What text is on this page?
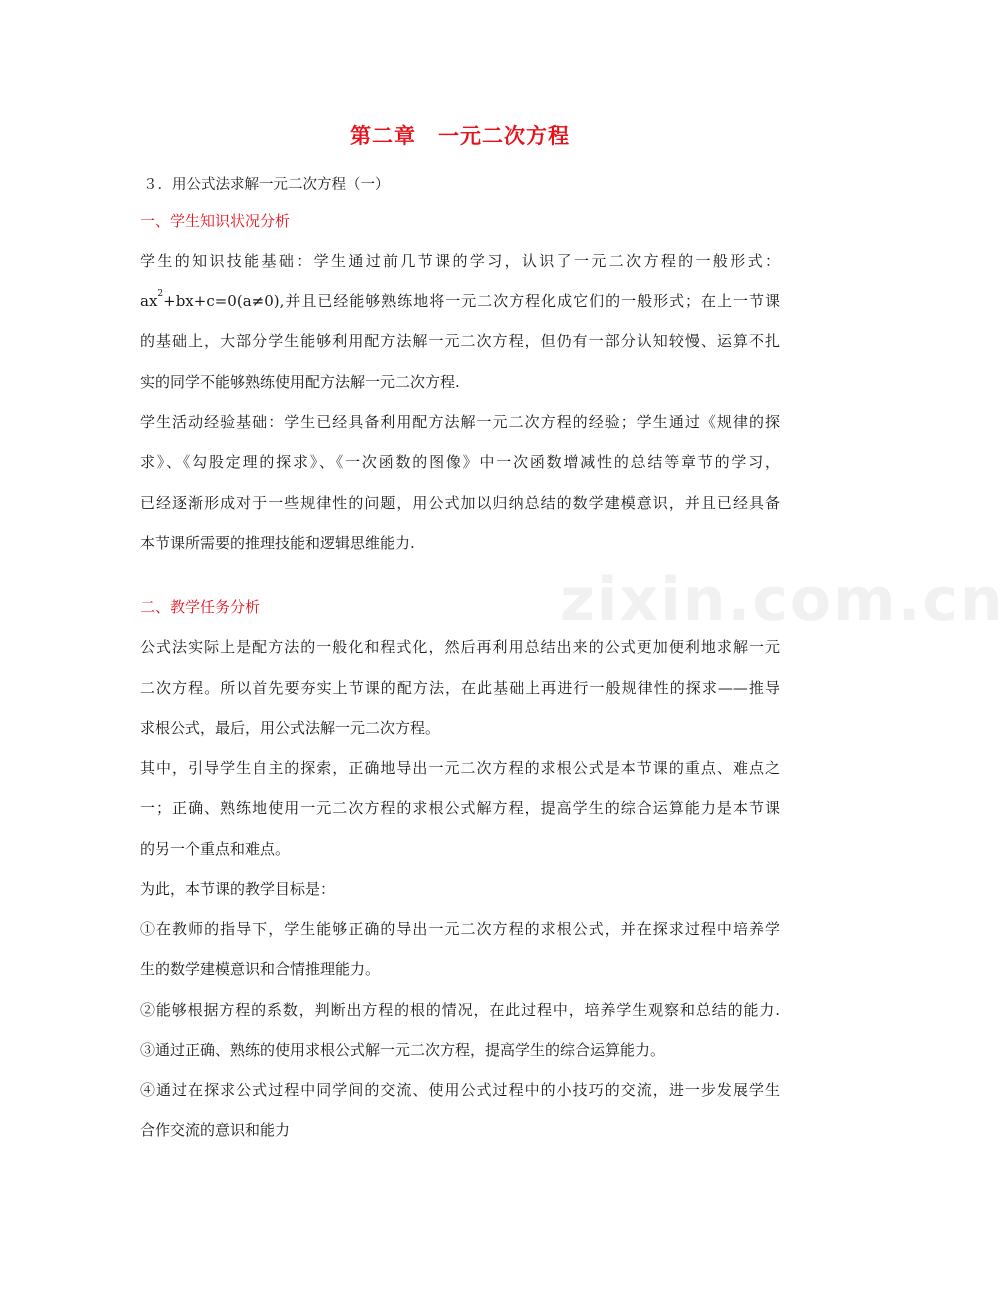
zixin.com.cn
第二章　一元二次方程
３．用公式法求解一元二次方程（一）
一、学生知识状况分析
学生的知识技能基础：学生通过前几节课的学习，认识了一元二次方程的一般形式：
$ax^2+bx+c=0(a\ne 0)$,并且已经能够熟练地将一元二次方程化成它们的一般形式；在上一节课
的基础上，大部分学生能够利用配方法解一元二次方程，但仍有一部分认知较慢、运算不扎
实的同学不能够熟练使用配方法解一元二次方程.
学生活动经验基础：学生已经具备利用配方法解一元二次方程的经验；学生通过《规律的探
求》、《勾股定理的探求》、《一次函数的图像》中一次函数增减性的总结等章节的学习，
已经逐渐形成对于一些规律性的问题，用公式加以归纳总结的数学建模意识，并且已经具备
本节课所需要的推理技能和逻辑思维能力.
二、教学任务分析
公式法实际上是配方法的一般化和程式化，然后再利用总结出来的公式更加便利地求解一元
二次方程。所以首先要夯实上节课的配方法，在此基础上再进行一般规律性的探求——推导
求根公式，最后，用公式法解一元二次方程。
其中，引导学生自主的探索，正确地导出一元二次方程的求根公式是本节课的重点、难点之
一；正确、熟练地使用一元二次方程的求根公式解方程，提高学生的综合运算能力是本节课
的另一个重点和难点。
为此，本节课的教学目标是：
①在教师的指导下，学生能够正确的导出一元二次方程的求根公式，并在探求过程中培养学
生的数学建模意识和合情推理能力。
②能够根据方程的系数，判断出方程的根的情况，在此过程中，培养学生观察和总结的能力.
③通过正确、熟练的使用求根公式解一元二次方程，提高学生的综合运算能力。
④通过在探求公式过程中同学间的交流、使用公式过程中的小技巧的交流，进一步发展学生
合作交流的意识和能力
